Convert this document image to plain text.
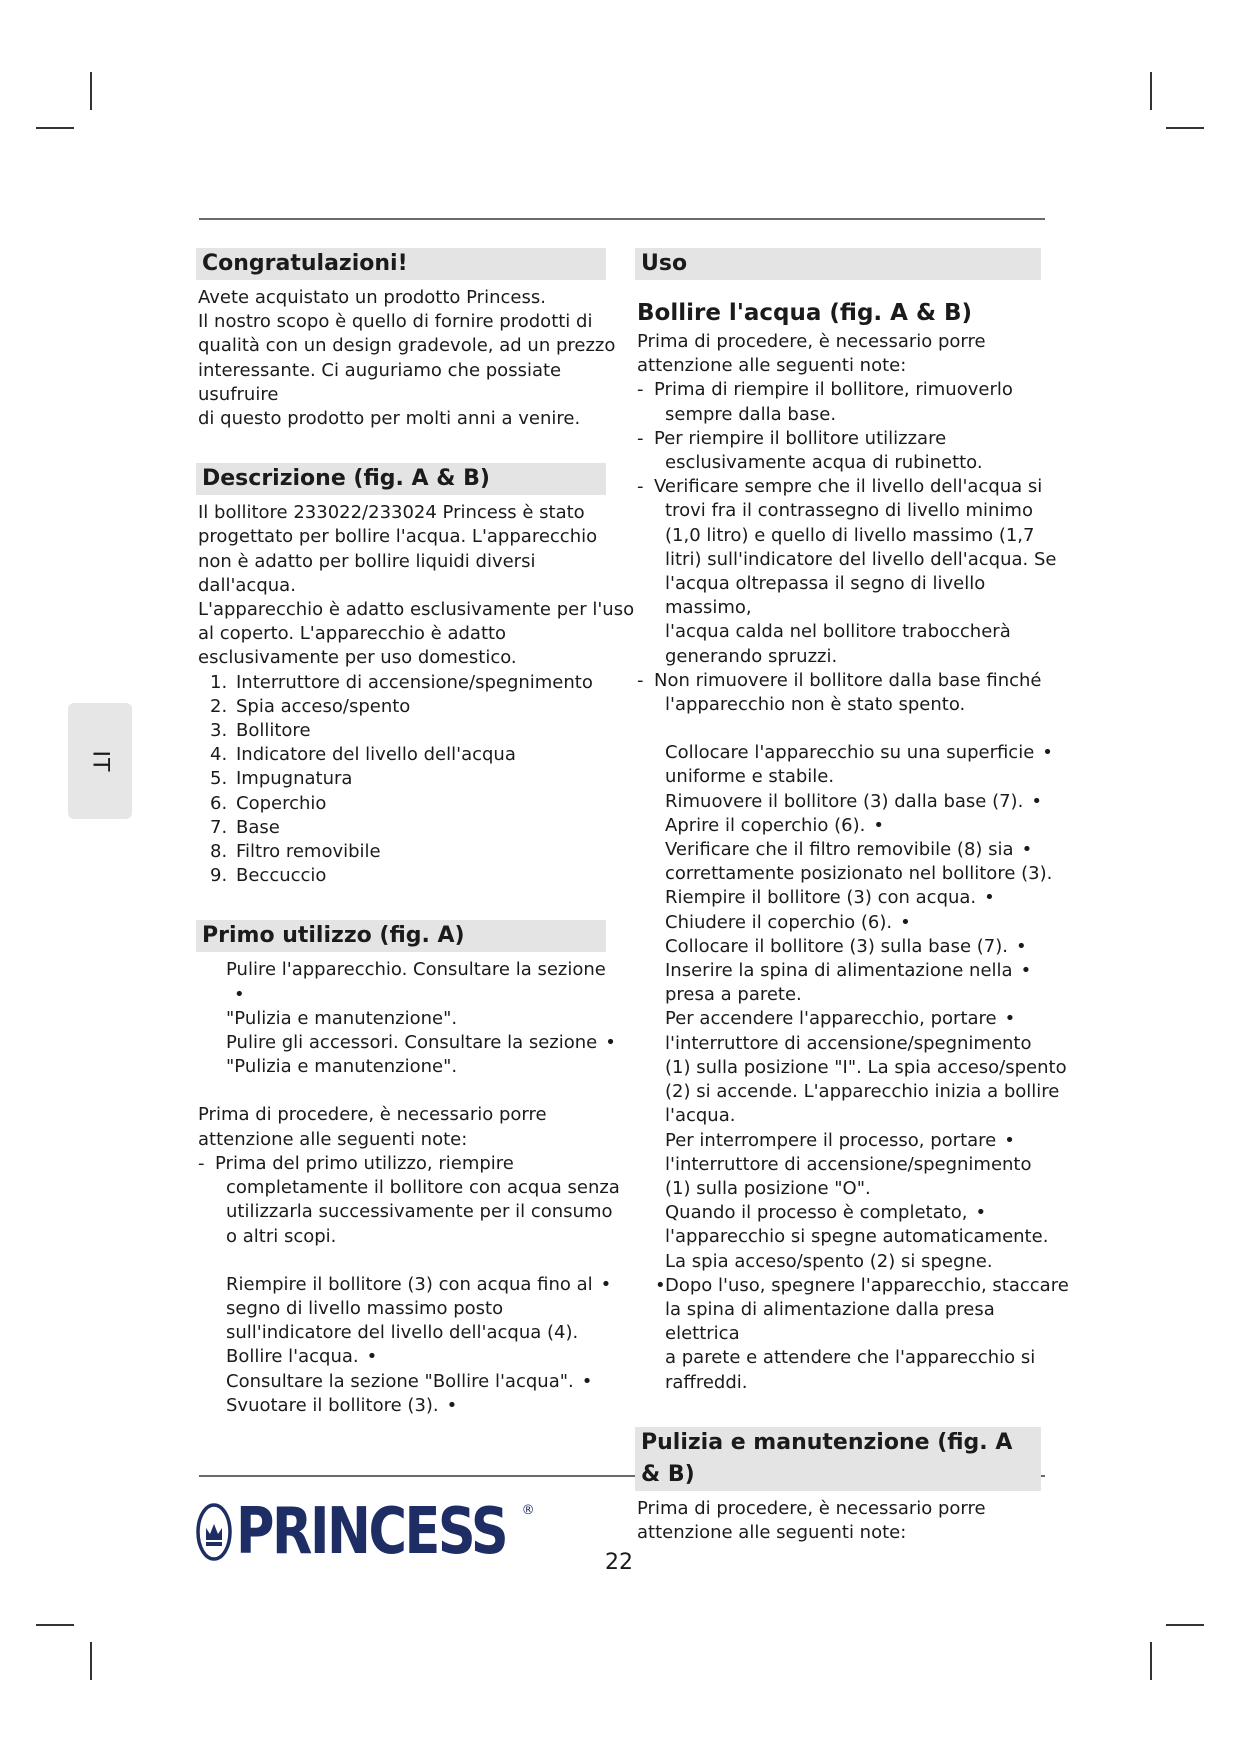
IT
Congratulazioni!

Avete acquistato un prodotto Princess.

Il nostro scopo è quello di fornire prodotti di

qualità con un design gradevole, ad un prezzo

interessante. Ci auguriamo che possiate usufruire

di questo prodotto per molti anni a venire.

Descrizione (fig. A & B)

Il bollitore 233022/233024 Princess è stato

progettato per bollire l'acqua. L'apparecchio

non è adatto per bollire liquidi diversi dall'acqua.

L'apparecchio è adatto esclusivamente per l'uso

al coperto. L'apparecchio è adatto

esclusivamente per uso domestico.

1. Interruttore di accensione/spegnimento
2. Spia acceso/spento
3. Bollitore
4. Indicatore del livello dell'acqua
5. Impugnatura
6. Coperchio
7. Base
8. Filtro removibile
9. Beccuccio
Primo utilizzo (fig. A)

Pulire l'apparecchio. Consultare la sezione•

"Pulizia e manutenzione".

Pulire gli accessori. Consultare la sezione •

"Pulizia e manutenzione".

Prima di procedere, è necessario porre

attenzione alle seguenti note:

- Prima del primo utilizzo, riempire

completamente il bollitore con acqua senza

utilizzarla successivamente per il consumo

o altri scopi.

Riempire il bollitore (3) con acqua fino al •

segno di livello massimo posto

sull'indicatore del livello dell'acqua (4).

Bollire l'acqua. •

Consultare la sezione "Bollire l'acqua". •

Svuotare il bollitore (3). •

Uso
Bollire l'acqua (fig. A & B)

Prima di procedere, è necessario porre

attenzione alle seguenti note:

- Prima di riempire il bollitore, rimuoverlo

sempre dalla base.

- Per riempire il bollitore utilizzare

esclusivamente acqua di rubinetto.

- Verificare sempre che il livello dell'acqua si

trovi fra il contrassegno di livello minimo

(1,0 litro) e quello di livello massimo (1,7

litri) sull'indicatore del livello dell'acqua. Se

l'acqua oltrepassa il segno di livello massimo,

l'acqua calda nel bollitore traboccherà

generando spruzzi.

- Non rimuovere il bollitore dalla base finché

l'apparecchio non è stato spento.

Collocare l'apparecchio su una superficie •

uniforme e stabile.

Rimuovere il bollitore (3) dalla base (7). •

Aprire il coperchio (6). •

Verificare che il filtro removibile (8) sia •

correttamente posizionato nel bollitore (3).

Riempire il bollitore (3) con acqua. •

Chiudere il coperchio (6). •

Collocare il bollitore (3) sulla base (7). •

Inserire la spina di alimentazione nella •

presa a parete.

Per accendere l'apparecchio, portare •

l'interruttore di accensione/spegnimento

(1) sulla posizione "I". La spia acceso/spento

(2) si accende. L'apparecchio inizia a bollire

l'acqua.

Per interrompere il processo, portare •

l'interruttore di accensione/spegnimento

(1) sulla posizione "O".

Quando il processo è completato, •

l'apparecchio si spegne automaticamente.

La spia acceso/spento (2) si spegne.

• Dopo l'uso, spegnere l'apparecchio, staccare

la spina di alimentazione dalla presa elettrica

a parete e attendere che l'apparecchio si

raffreddi.

Pulizia e manutenzione (fig. A & B)

Prima di procedere, è necessario porre

attenzione alle seguenti note:

PRINCESS ®
22
